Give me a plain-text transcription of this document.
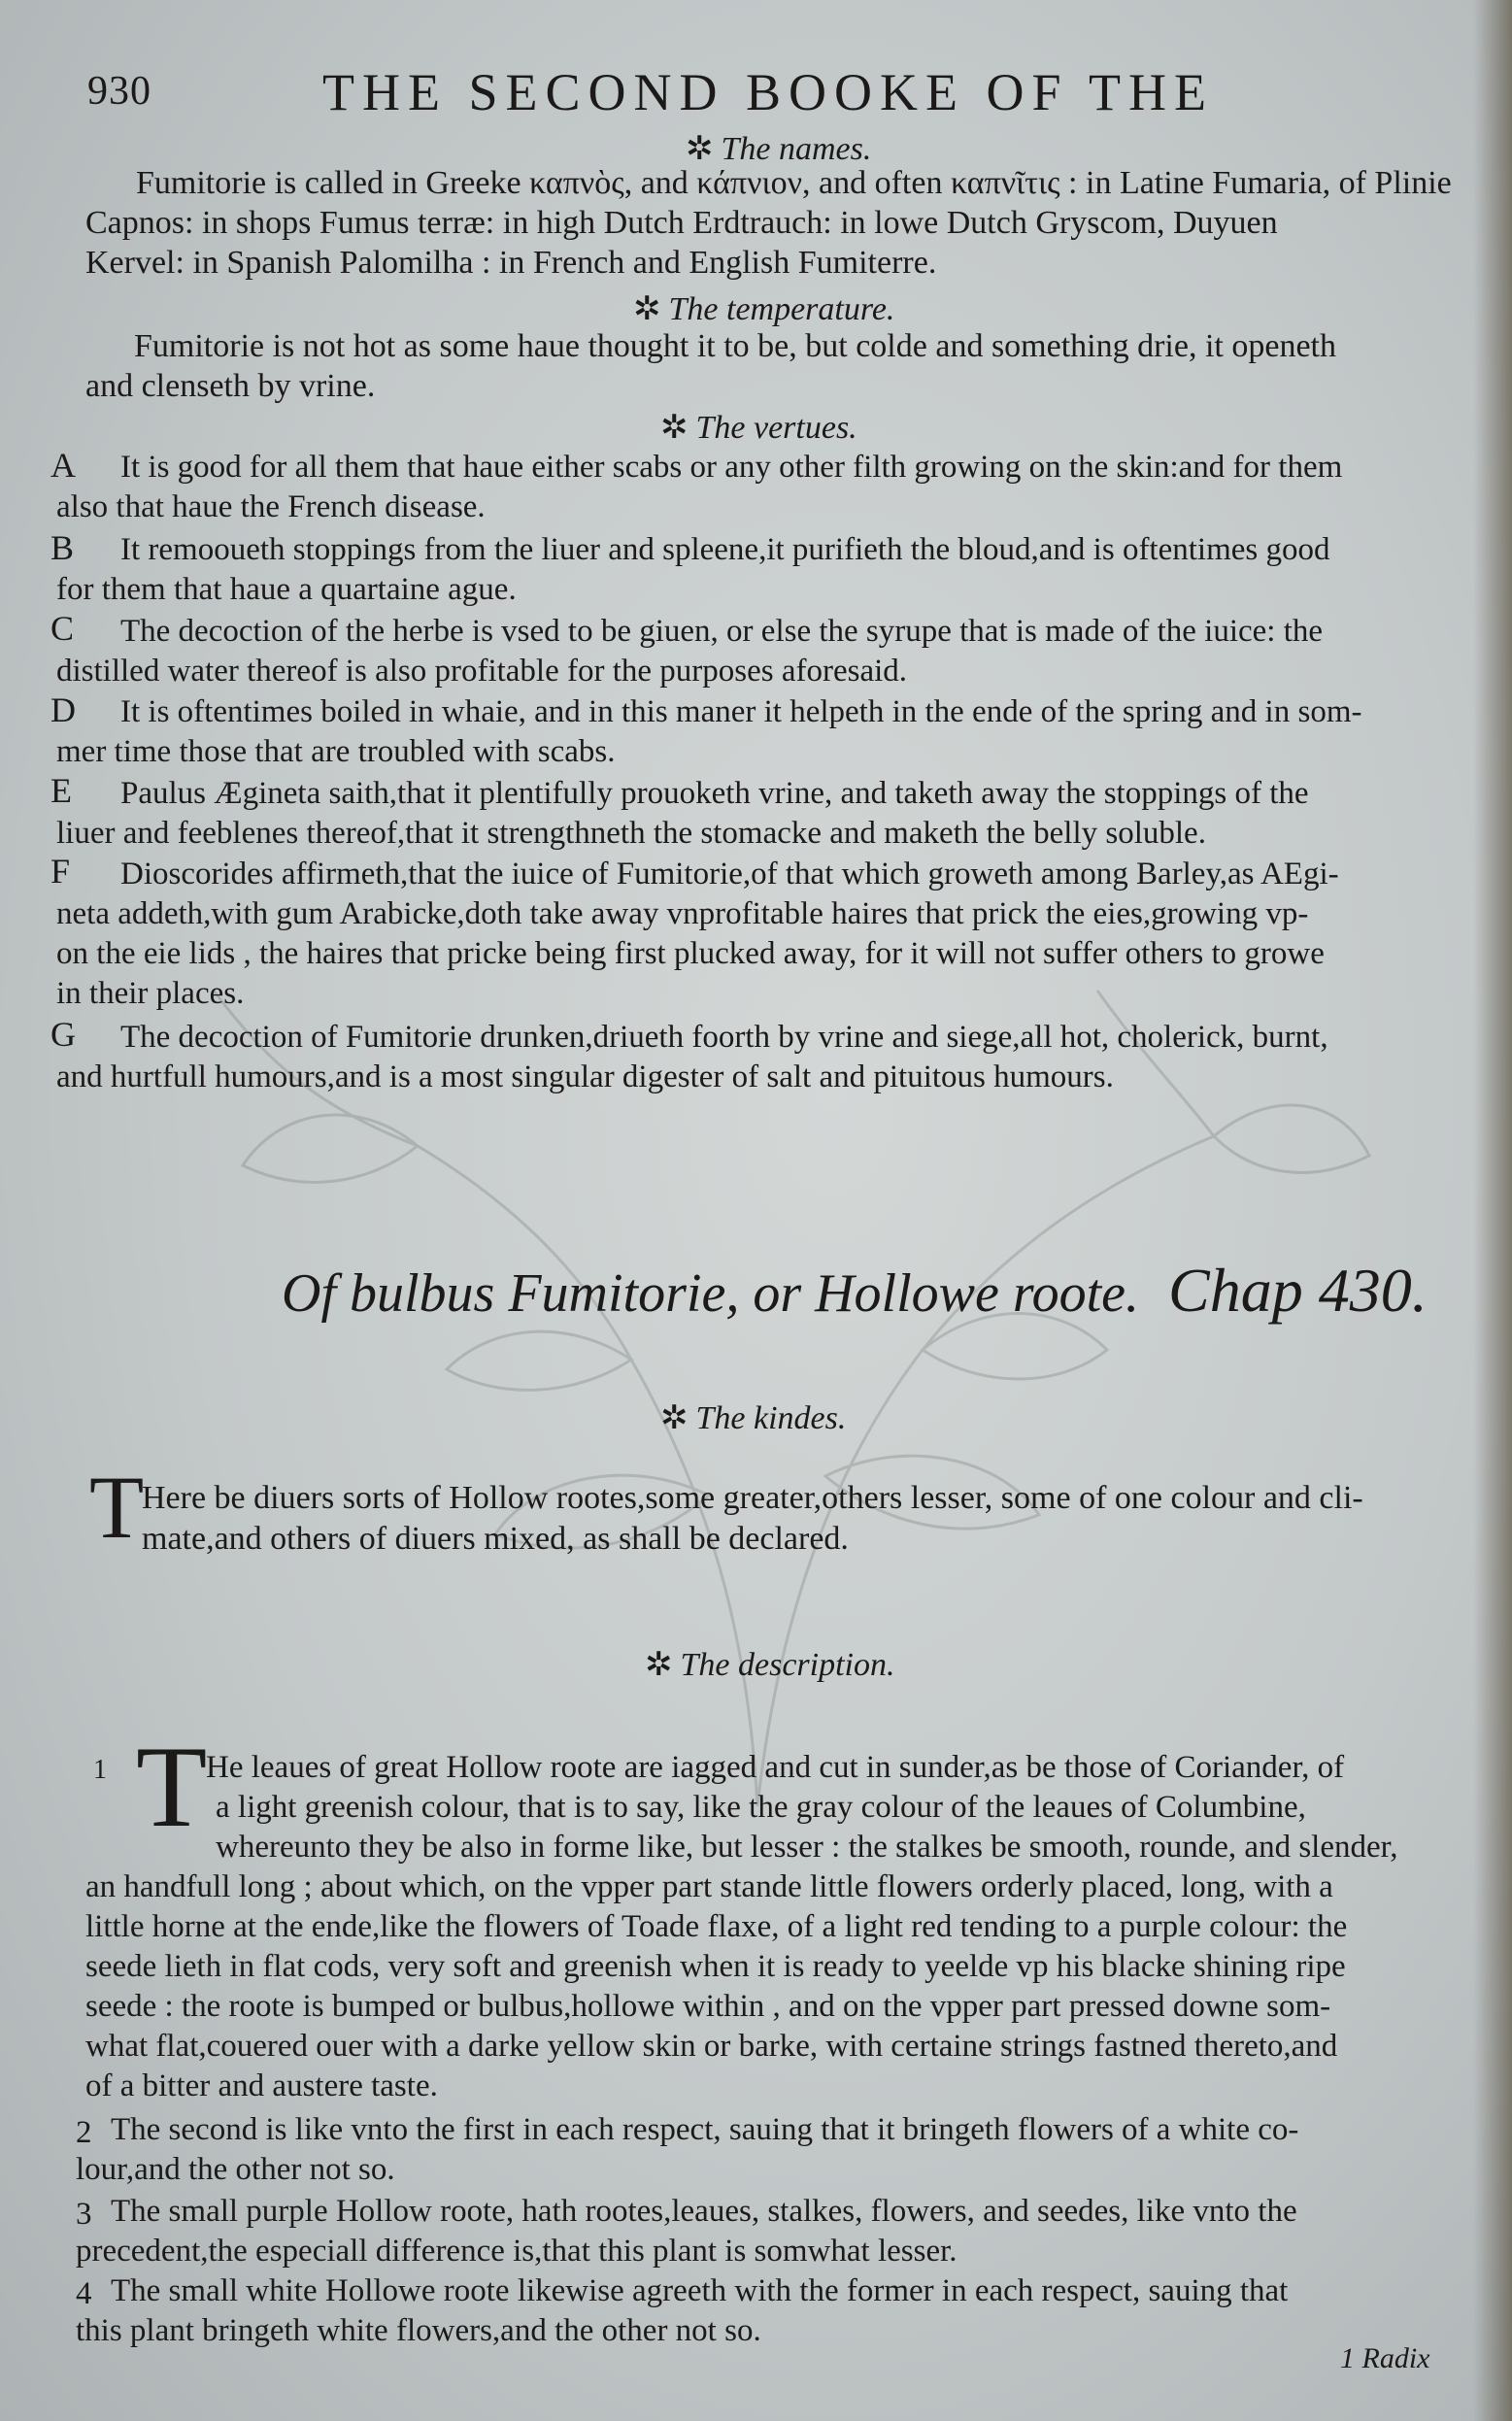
930	THE SECOND BOOKE OF THE
✲ The names.
Fumitorie is called in Greeke καπνὸς, and κάπνιον, and often καπνῖτις : in Latine Fumaria, of Plinie
Capnos: in shops Fumus terræ: in high Dutch Erdtrauch: in lowe Dutch Gryscom, Duyuen
Kervel: in Spanish Palomilha : in French and English Fumiterre.
✲ The temperature.
Fumitorie is not hot as some haue thought it to be, but colde and something drie, it openeth
and clenseth by vrine.
✲ The vertues.
A	It is good for all them that haue either scabs or any other filth growing on the skin:and for them
also that haue the French disease.
B	It remooueth stoppings from the liuer and spleene,it purifieth the bloud,and is oftentimes good
for them that haue a quartaine ague.
C	The decoction of the herbe is vsed to be giuen, or else the syrupe that is made of the iuice: the
distilled water thereof is also profitable for the purposes aforesaid.
D	It is oftentimes boiled in whaie, and in this maner it helpeth in the ende of the spring and in som-
mer time those that are troubled with scabs.
E	Paulus Ægineta saith,that it plentifully prouoketh vrine, and taketh away the stoppings of the
liuer and feeblenes thereof,that it strengthneth the stomacke and maketh the belly soluble.
F	Dioscorides affirmeth,that the iuice of Fumitorie,of that which groweth among Barley,as AEgi-
neta addeth,with gum Arabicke,doth take away vnprofitable haires that prick the eies,growing vp-
on the eie lids , the haires that pricke being first plucked away, for it will not suffer others to growe
in their places.
G	The decoction of Fumitorie drunken,driueth foorth by vrine and siege,all hot, cholerick, burnt,
and hurtfull humours,and is a most singular digester of salt and pituitous humours.
Of bulbus Fumitorie, or Hollowe roote. Chap 430.
✲ The kindes.
T
Here be diuers sorts of Hollow rootes,some greater,others lesser, some of one colour and cli-
mate,and others of diuers mixed, as shall be declared.
✲ The description.
1 T
He leaues of great Hollow roote are iagged and cut in sunder,as be those of Coriander, of
a light greenish colour, that is to say, like the gray colour of the leaues of Columbine,
whereunto they be also in forme like, but lesser : the stalkes be smooth, rounde, and slender,
an handfull long ; about which, on the vpper part stande little flowers orderly placed, long, with a
little horne at the ende,like the flowers of Toade flaxe, of a light red tending to a purple colour: the
seede lieth in flat cods, very soft and greenish when it is ready to yeelde vp his blacke shining ripe
seede : the roote is bumped or bulbus,hollowe within , and on the vpper part pressed downe som-
what flat,couered ouer with a darke yellow skin or barke, with certaine strings fastned thereto,and
of a bitter and austere taste.
2 The second is like vnto the first in each respect, sauing that it bringeth flowers of a white co-
lour,and the other not so.
3 The small purple Hollow roote, hath rootes,leaues, stalkes, flowers, and seedes, like vnto the
precedent,the especiall difference is,that this plant is somwhat lesser.
4 The small white Hollowe roote likewise agreeth with the former in each respect, sauing that
this plant bringeth white flowers,and the other not so.
1 Radix
